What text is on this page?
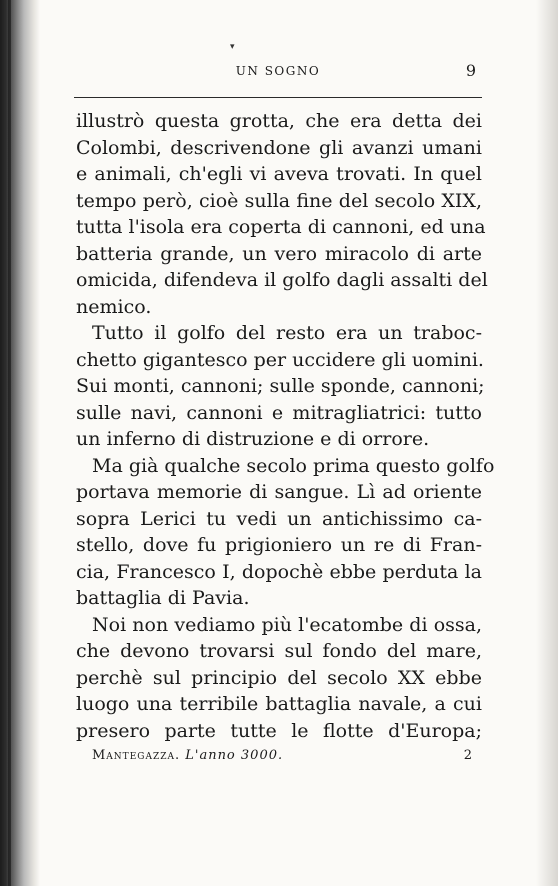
▾
UN SOGNO	9
illustrò questa grotta, che era detta dei
Colombi, descrivendone gli avanzi umani
e animali, ch'egli vi aveva trovati. In quel
tempo però, cioè sulla fine del secolo XIX,
tutta l'isola era coperta di cannoni, ed una
batteria grande, un vero miracolo di arte
omicida, difendeva il golfo dagli assalti del
nemico.
Tutto il golfo del resto era un traboc-
chetto gigantesco per uccidere gli uomini.
Sui monti, cannoni; sulle sponde, cannoni;
sulle navi, cannoni e mitragliatrici: tutto
un inferno di distruzione e di orrore.
Ma già qualche secolo prima questo golfo
portava memorie di sangue. Lì ad oriente
sopra Lerici tu vedi un antichissimo ca-
stello, dove fu prigioniero un re di Fran-
cia, Francesco I, dopochè ebbe perduta la
battaglia di Pavia.
Noi non vediamo più l'ecatombe di ossa,
che devono trovarsi sul fondo del mare,
perchè sul principio del secolo XX ebbe
luogo una terribile battaglia navale, a cui
presero parte tutte le flotte d'Europa;
Mantegazza. L'anno 3000.	2
